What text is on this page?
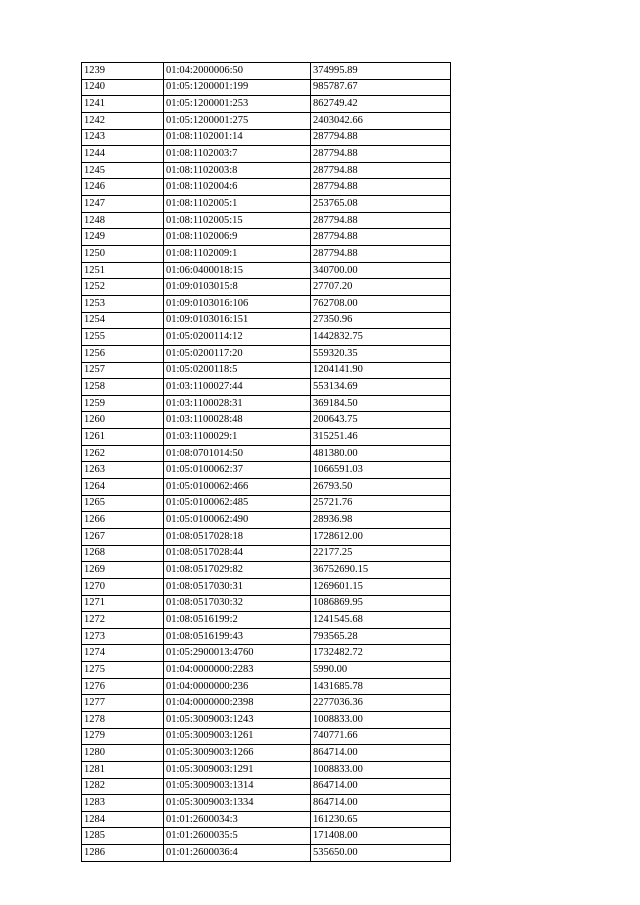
1239	01:04:2000006:50	374995.89
1240	01:05:1200001:199	985787.67
1241	01:05:1200001:253	862749.42
1242	01:05:1200001:275	2403042.66
1243	01:08:1102001:14	287794.88
1244	01:08:1102003:7	287794.88
1245	01:08:1102003:8	287794.88
1246	01:08:1102004:6	287794.88
1247	01:08:1102005:1	253765.08
1248	01:08:1102005:15	287794.88
1249	01:08:1102006:9	287794.88
1250	01:08:1102009:1	287794.88
1251	01:06:0400018:15	340700.00
1252	01:09:0103015:8	27707.20
1253	01:09:0103016:106	762708.00
1254	01:09:0103016:151	27350.96
1255	01:05:0200114:12	1442832.75
1256	01:05:0200117:20	559320.35
1257	01:05:0200118:5	1204141.90
1258	01:03:1100027:44	553134.69
1259	01:03:1100028:31	369184.50
1260	01:03:1100028:48	200643.75
1261	01:03:1100029:1	315251.46
1262	01:08:0701014:50	481380.00
1263	01:05:0100062:37	1066591.03
1264	01:05:0100062:466	26793.50
1265	01:05:0100062:485	25721.76
1266	01:05:0100062:490	28936.98
1267	01:08:0517028:18	1728612.00
1268	01:08:0517028:44	22177.25
1269	01:08:0517029:82	36752690.15
1270	01:08:0517030:31	1269601.15
1271	01:08:0517030:32	1086869.95
1272	01:08:0516199:2	1241545.68
1273	01:08:0516199:43	793565.28
1274	01:05:2900013:4760	1732482.72
1275	01:04:0000000:2283	5990.00
1276	01:04:0000000:236	1431685.78
1277	01:04:0000000:2398	2277036.36
1278	01:05:3009003:1243	1008833.00
1279	01:05:3009003:1261	740771.66
1280	01:05:3009003:1266	864714.00
1281	01:05:3009003:1291	1008833.00
1282	01:05:3009003:1314	864714.00
1283	01:05:3009003:1334	864714.00
1284	01:01:2600034:3	161230.65
1285	01:01:2600035:5	171408.00
1286	01:01:2600036:4	535650.00
